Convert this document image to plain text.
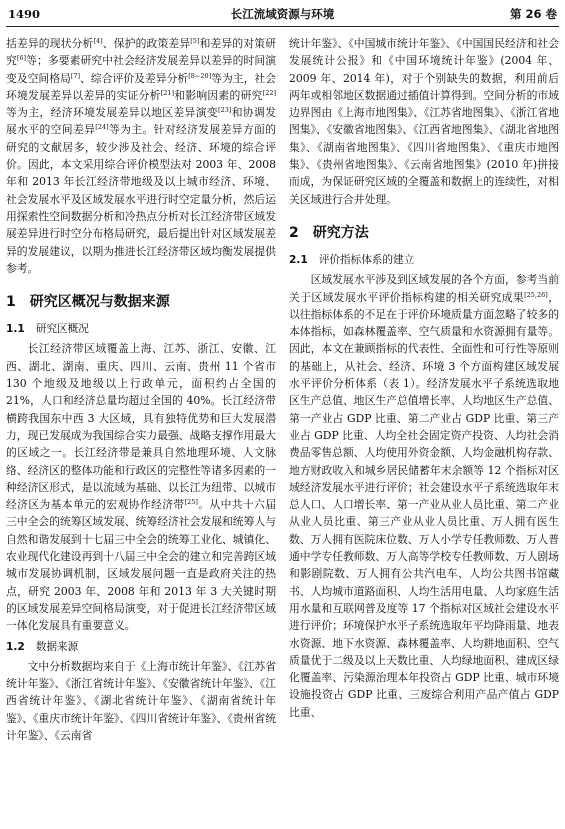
1490	长江流域资源与环境	第 26 卷

括差异的现状分析[4]、保护的政策差异[5]和差异的对策研究[6]等；多要素研究中社会经济发展差异以差异的时间演变及空间格局[7]、综合评价及差异分析[8~20]等为主，社会环境发展差异以差异的实证分析[21]和影响因素的研究[22]等为主，经济环境发展差异以地区差异演变[23]和协调发展水平的空间差异[24]等为主。针对经济发展差异方面的研究的文献居多，较少涉及社会、经济、环境的综合评价。因此，本文采用综合评价模型法对 2003 年、2008 年和 2013 年长江经济带地级及以上城市经济、环境、社会发展水平及区域发展水平进行时空定量分析，然后运用探索性空间数据分析和冷热点分析对长江经济带区域发展差异进行时空分布格局研究，最后提出针对区域发展差异的发展建议，以期为推进长江经济带区域均衡发展提供参考。

1　研究区概况与数据来源
1.1 研究区概况

长江经济带区域覆盖上海、江苏、浙江、安徽、江西、湖北、湖南、重庆、四川、云南、贵州 11 个省市 130 个地级及地级以上行政单元，面积约占全国的 21%，人口和经济总量均超过全国的 40%。长江经济带横跨我国东中西 3 大区域，具有独特优势和巨大发展潜力，现已发展成为我国综合实力最强、战略支撑作用最大的区域之一。长江经济带是兼具自然地理环境、人文脉络、经济区的整体功能和行政区的完整性等诸多因素的一种经济区形式，是以流域为基础、以长江为纽带、以城市经济区为基本单元的宏观协作经济带[25]。从中共十六届三中全会的统筹区域发展、统筹经济社会发展和统筹人与自然和谐发展到十七届三中全会的统筹工业化、城镇化、农业现代化建设再到十八届三中全会的建立和完善跨区域城市发展协调机制，区域发展问题一直是政府关注的热点，研究 2003 年、2008 年和 2013 年 3 大关键时期的区域发展差异空间格局演变，对于促进长江经济带区域一体化发展具有重要意义。

1.2 数据来源

文中分析数据均来自于《上海市统计年鉴》、《江苏省统计年鉴》、《浙江省统计年鉴》、《安徽省统计年鉴》、《江西省统计年鉴》、《湖北省统计年鉴》、《湖南省统计年鉴》、《重庆市统计年鉴》、《四川省统计年鉴》、《贵州省统计年鉴》、《云南省

统计年鉴》、《中国城市统计年鉴》、《中国国民经济和社会发展统计公报》和《中国环境统计年鉴》(2004 年、2009 年、2014 年)，对于个别缺失的数据，利用前后两年或相邻地区数据通过插值计算得到。空间分析的市域边界图由《上海市地图集》、《江苏省地图集》、《浙江省地图集》、《安徽省地图集》、《江西省地图集》、《湖北省地图集》、《湖南省地图集》、《四川省地图集》、《重庆市地图集》、《贵州省地图集》、《云南省地图集》(2010 年)拼接而成，为保证研究区域的全覆盖和数据上的连续性，对相关区域进行合并处理。

2　研究方法
2.1 评价指标体系的建立

区域发展水平涉及到区域发展的各个方面，参考当前关于区域发展水平评价指标构建的相关研究成果[25,26]，以往指标体系的不足在于评价环境质量方面忽略了较多的本体指标，如森林覆盖率、空气质量和水资源拥有量等。因此，本文在兼顾指标的代表性、全面性和可行性等原则的基础上，从社会、经济、环境 3 个方面构建区域发展水平评价分析体系（表 1）。经济发展水平子系统选取地区生产总值、地区生产总值增长率、人均地区生产总值、第一产业占 GDP 比重、第二产业占 GDP 比重、第三产业占 GDP 比重、人均全社会固定资产投资、人均社会消费品零售总额、人均使用外资金额、人均金融机构存款、地方财政收入和城乡居民储蓄年末余额等 12 个指标对区域经济发展水平进行评价；社会建设水平子系统选取年末总人口、人口增长率、第一产业从业人员比重、第二产业从业人员比重、第三产业从业人员比重、万人拥有医生数、万人拥有医院床位数、万人小学专任教师数、万人普通中学专任教师数、万人高等学校专任教师数、万人剧场和影剧院数、万人拥有公共汽电车、人均公共图书馆藏书、人均城市道路面积、人均生活用电量、人均家庭生活用水量和互联网普及度等 17 个指标对区域社会建设水平进行评价；环境保护水平子系统选取年平均降雨量、地表水资源、地下水资源、森林覆盖率、人均耕地面积、空气质量优于二级及以上天数比重、人均绿地面积、建成区绿化覆盖率、污染源治理本年投资占 GDP 比重、城市环境设施投资占 GDP 比重、三废综合利用产品产值占 GDP 比重、
